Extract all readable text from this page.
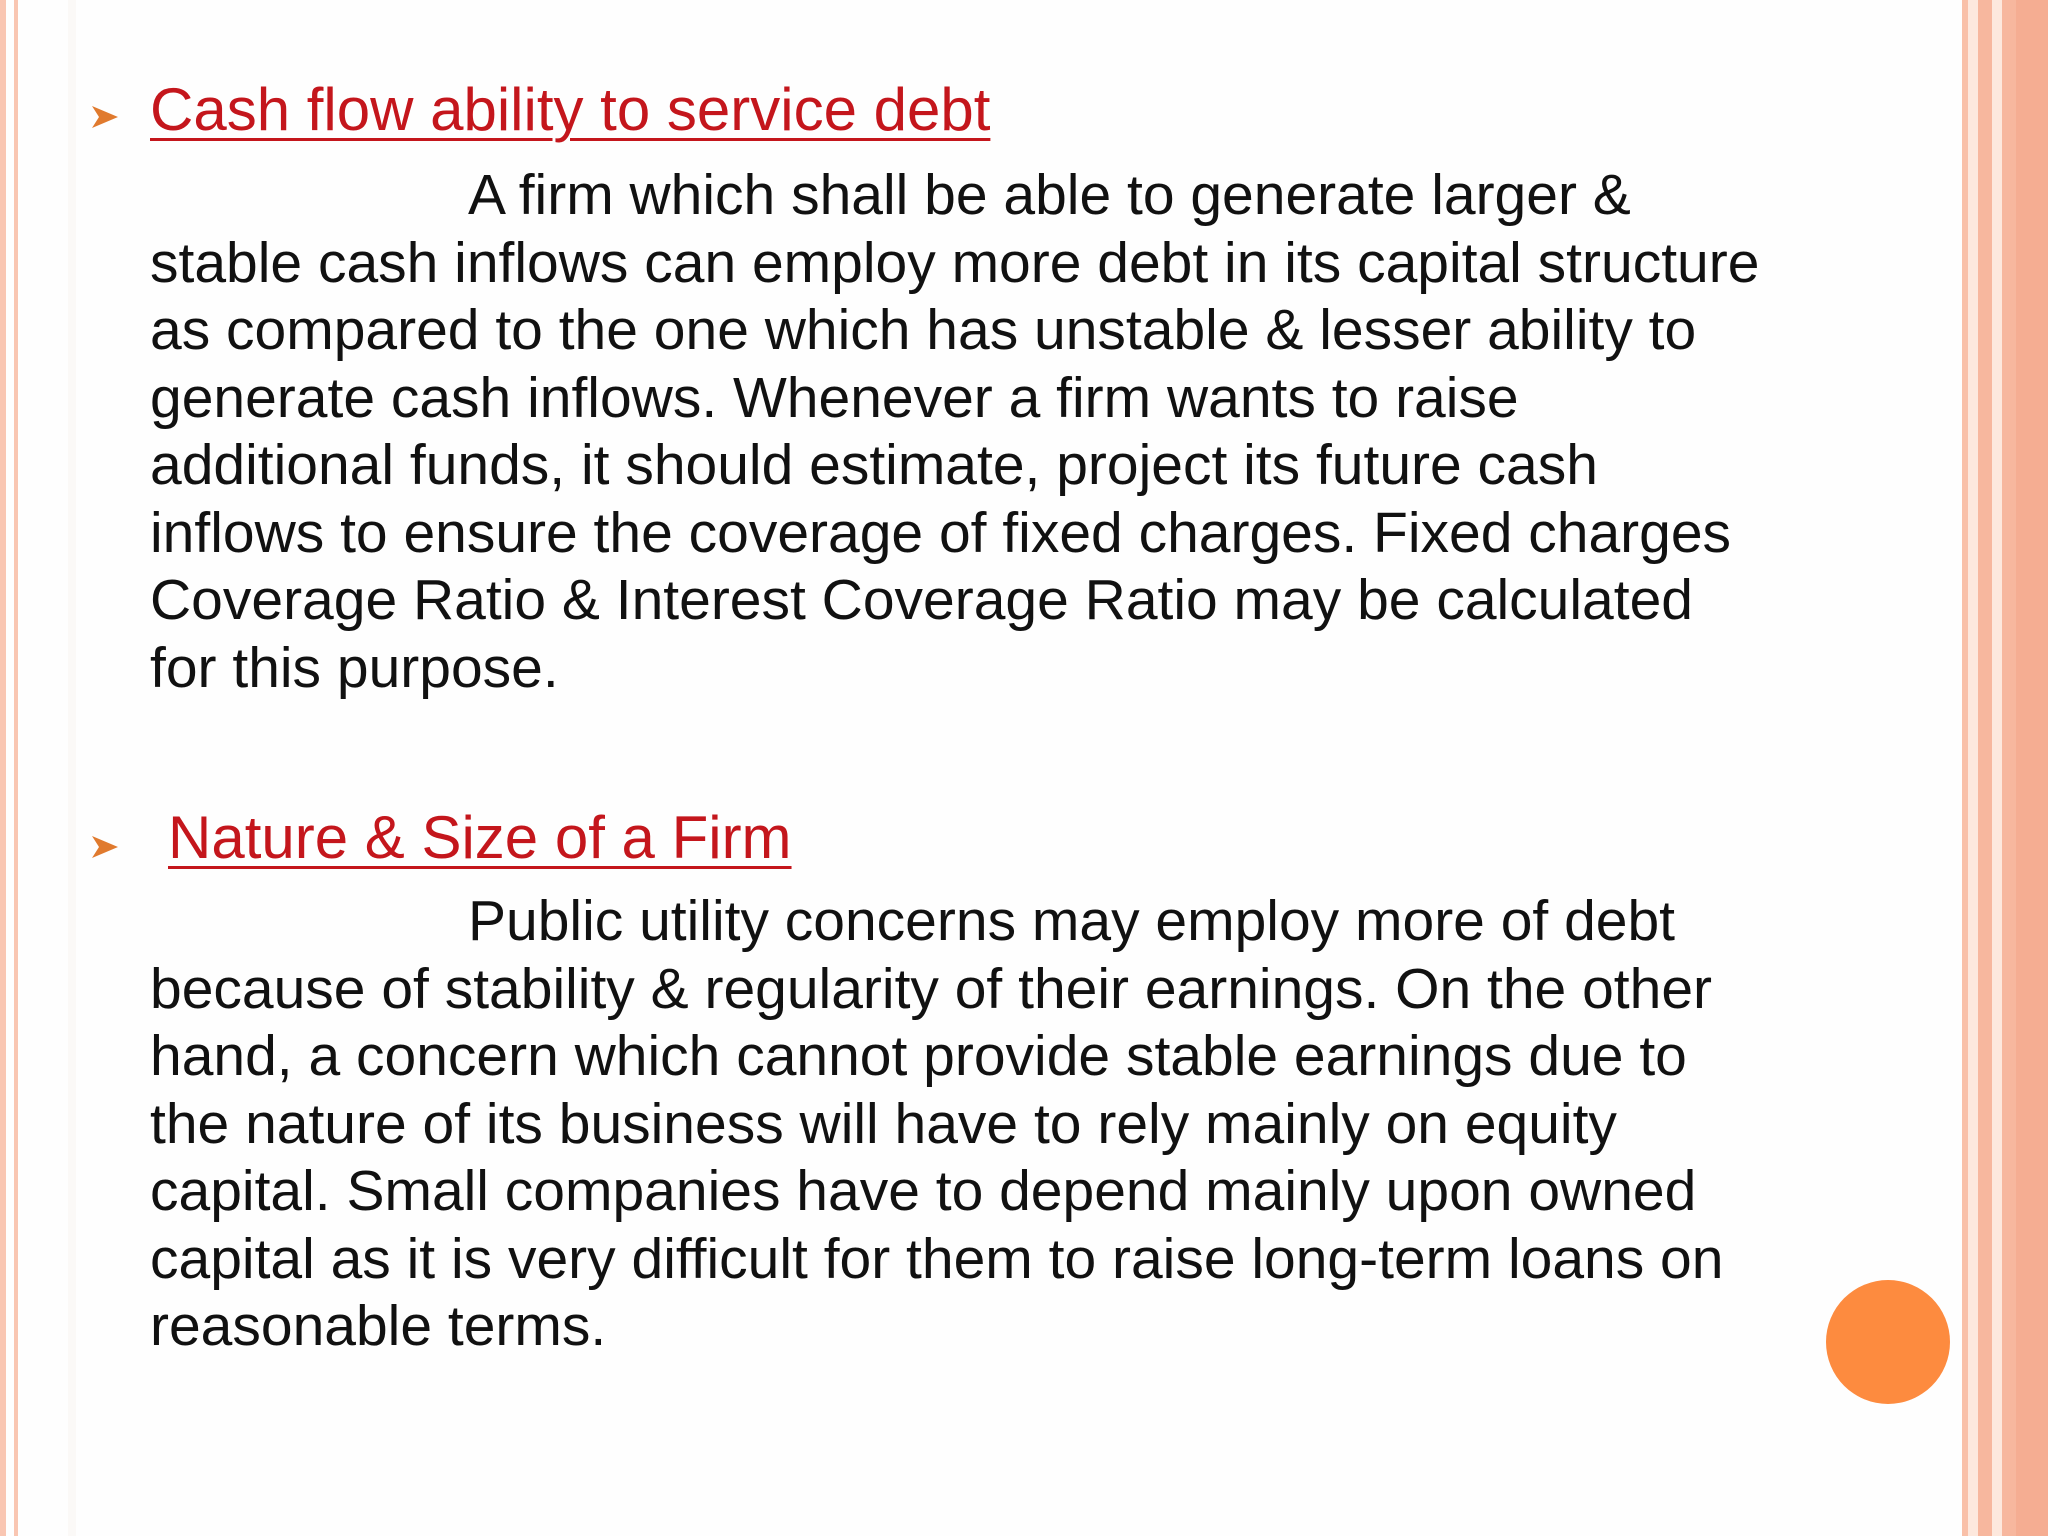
Cash flow ability to service debt
A firm which shall be able to generate larger &
stable cash inflows can employ more debt in its capital structure
as compared to the one which has unstable & lesser ability to
generate cash inflows. Whenever a firm wants to raise
additional funds, it should estimate, project its future cash
inflows to ensure the coverage of fixed charges. Fixed charges
Coverage Ratio & Interest Coverage Ratio may be calculated
for this purpose.
Nature & Size of a Firm
Public utility concerns may employ more of debt
because of stability & regularity of their earnings. On the other
hand, a concern which cannot provide stable earnings due to
the nature of its business will have to rely mainly on equity
capital. Small companies have to depend mainly upon owned
capital as it is very difficult for them to raise long-term loans on
reasonable terms.
